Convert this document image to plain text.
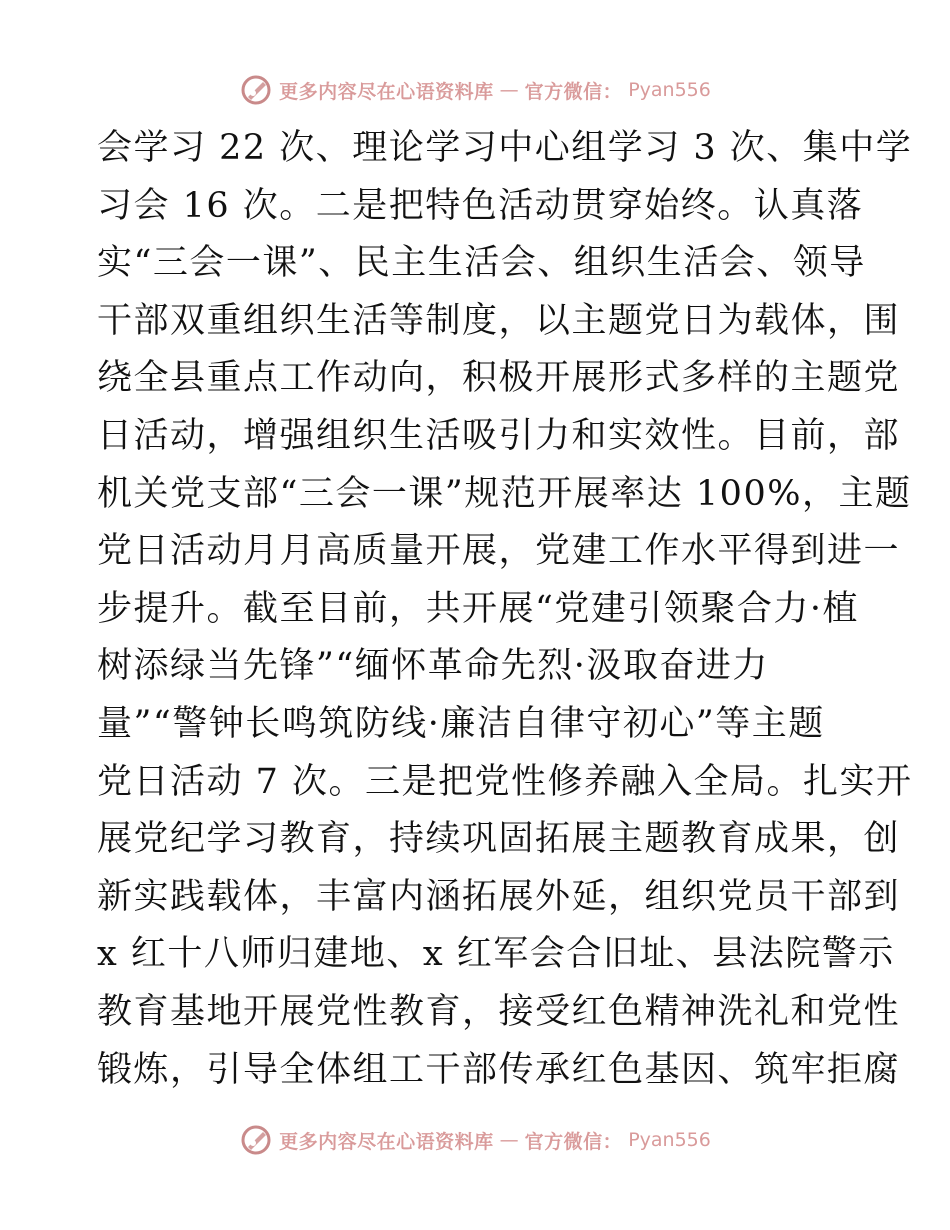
更多内容尽在心语资料库 — 官方微信： Pyan556
会学习 22 次、理论学习中心组学习 3 次、集中学
习会 16 次。二是把特色活动贯穿始终。认真落
实“三会一课”、民主生活会、组织生活会、领导
干部双重组织生活等制度，以主题党日为载体，围
绕全县重点工作动向，积极开展形式多样的主题党
日活动，增强组织生活吸引力和实效性。目前，部
机关党支部“三会一课”规范开展率达 100%，主题
党日活动月月高质量开展，党建工作水平得到进一
步提升。截至目前，共开展“党建引领聚合力·植
树添绿当先锋”“缅怀革命先烈·汲取奋进力
量”“警钟长鸣筑防线·廉洁自律守初心”等主题
党日活动 7 次。三是把党性修养融入全局。扎实开
展党纪学习教育，持续巩固拓展主题教育成果，创
新实践载体，丰富内涵拓展外延，组织党员干部到
x 红十八师归建地、x 红军会合旧址、县法院警示
教育基地开展党性教育，接受红色精神洗礼和党性
锻炼，引导全体组工干部传承红色基因、筑牢拒腐
更多内容尽在心语资料库 — 官方微信： Pyan556
